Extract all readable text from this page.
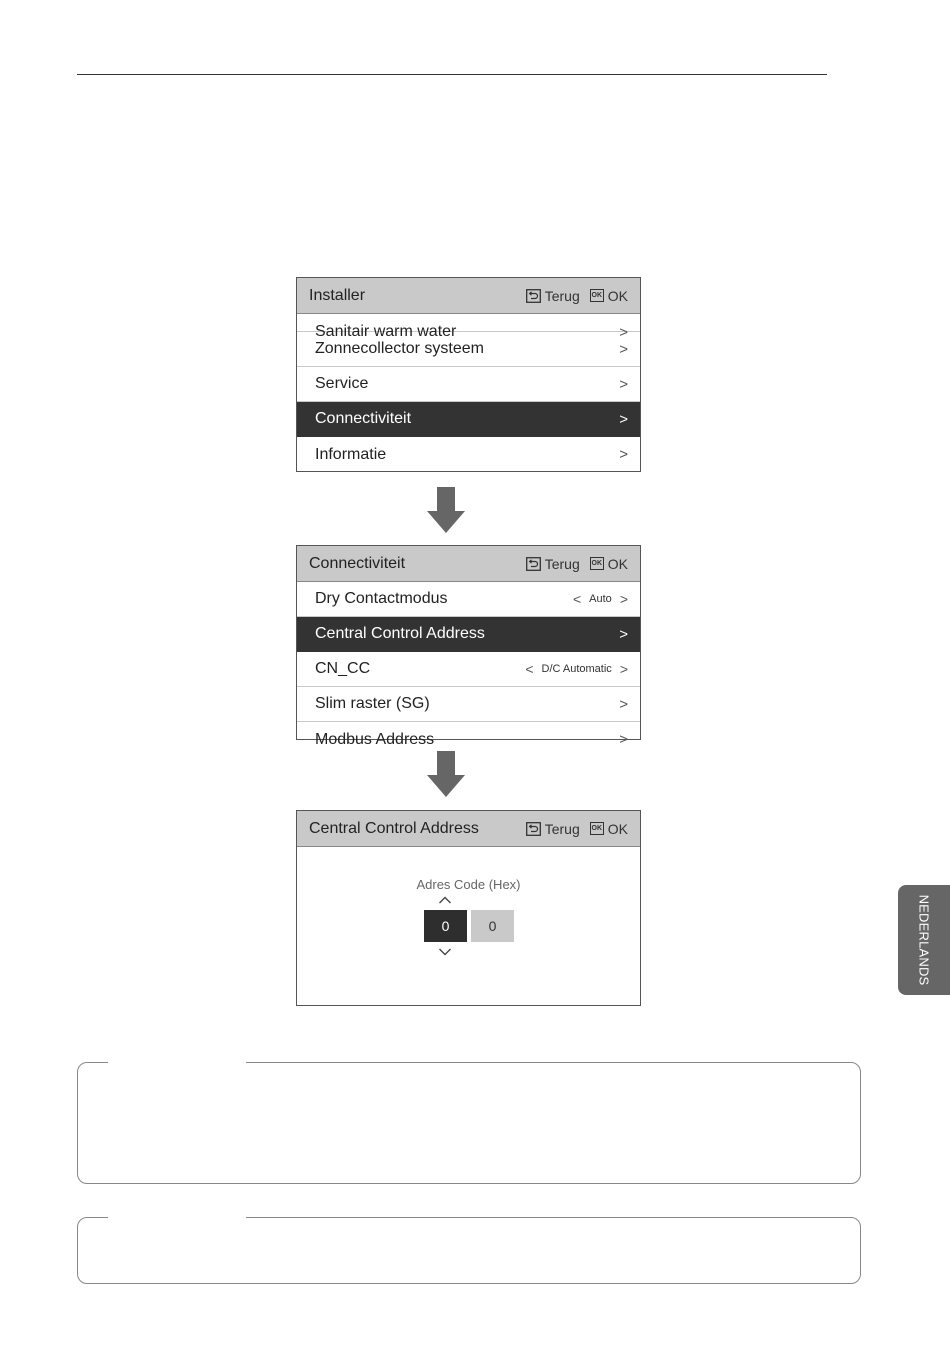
Installer	Terug OK OK
Sanitair warm water	>
Zonnecollector systeem	>
Service	>
Connectiviteit	>
Informatie	>
Connectiviteit	Terug OK OK
Dry Contactmodus	< Auto >
Central Control Address	>
CN_CC	< D/C Automatic >
Slim raster (SG)	>
Modbus Address	>
Central Control Address	Terug OK OK
Adres Code (Hex)
0	0	NEDERLANDS
